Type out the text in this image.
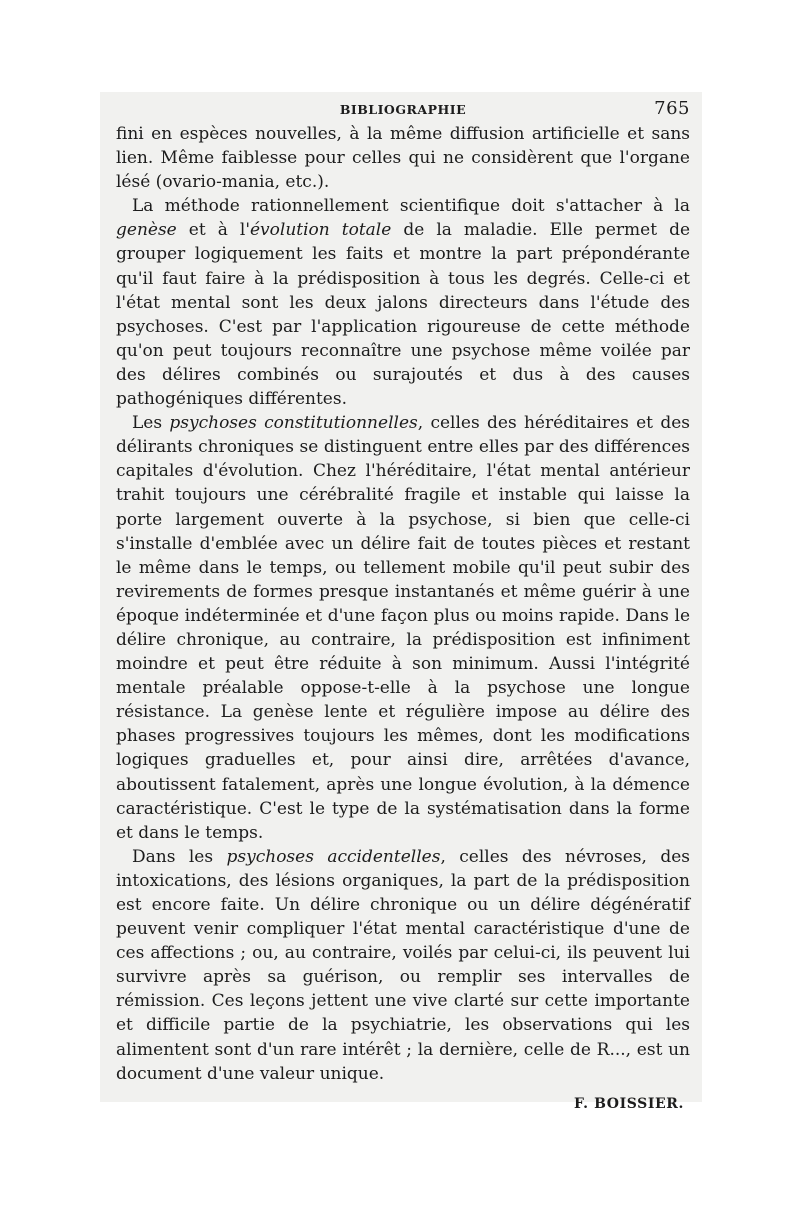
BIBLIOGRAPHIE	765

fini en espèces nouvelles, à la même diffusion artificielle et sans lien. Même faiblesse pour celles qui ne considèrent que l'organe lésé (ovario-mania, etc.).

La méthode rationnellement scientifique doit s'attacher à la genèse et à l'évolution totale de la maladie. Elle permet de grouper logiquement les faits et montre la part prépondérante qu'il faut faire à la prédisposition à tous les degrés. Celle-ci et l'état mental sont les deux jalons directeurs dans l'étude des psychoses. C'est par l'application rigoureuse de cette méthode qu'on peut toujours reconnaître une psychose même voilée par des délires combinés ou surajoutés et dus à des causes pathogéniques différentes.

Les psychoses constitutionnelles, celles des héréditaires et des délirants chroniques se distinguent entre elles par des différences capitales d'évolution. Chez l'héréditaire, l'état mental antérieur trahit toujours une cérébralité fragile et instable qui laisse la porte largement ouverte à la psychose, si bien que celle-ci s'installe d'emblée avec un délire fait de toutes pièces et restant le même dans le temps, ou tellement mobile qu'il peut subir des revirements de formes presque instantanés et même guérir à une époque indéterminée et d'une façon plus ou moins rapide. Dans le délire chronique, au contraire, la prédisposition est infiniment moindre et peut être réduite à son minimum. Aussi l'intégrité mentale préalable oppose-t-elle à la psychose une longue résistance. La genèse lente et régulière impose au délire des phases progressives toujours les mêmes, dont les modifications logiques graduelles et, pour ainsi dire, arrêtées d'avance, aboutissent fatalement, après une longue évolution, à la démence caractéristique. C'est le type de la systématisation dans la forme et dans le temps.

Dans les psychoses accidentelles, celles des névroses, des intoxications, des lésions organiques, la part de la prédisposition est encore faite. Un délire chronique ou un délire dégénératif peuvent venir compliquer l'état mental caractéristique d'une de ces affections ; ou, au contraire, voilés par celui-ci, ils peuvent lui survivre après sa guérison, ou remplir ses intervalles de rémission. Ces leçons jettent une vive clarté sur cette importante et difficile partie de la psychiatrie, les observations qui les alimentent sont d'un rare intérêt ; la dernière, celle de R..., est un document d'une valeur unique.

F. BOISSIER.
